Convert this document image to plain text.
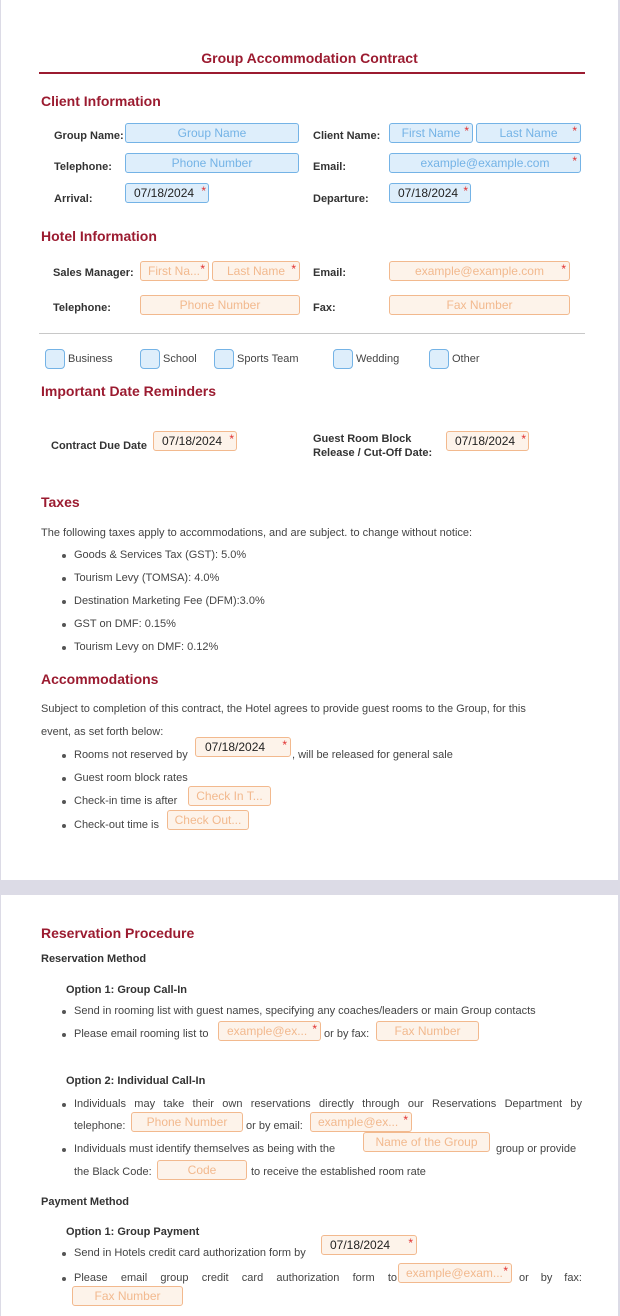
Group Accommodation Contract
Client Information
Group Name:	Group Name	Client Name:	First Name *	Last Name *
Telephone:	Phone Number	Email:	example@example.com *
Arrival:	07/18/2024 *
Departure:	07/18/2024 *
Hotel Information
Sales Manager:	First Na... *	Last Name * Email:	example@example.com *
Telephone:	Phone Number	Fax:	Fax Number
Business	School	Sports Team	Wedding	Other
Important Date Reminders
Contract Due Date	07/18/2024 *	Guest Room Block
Release / Cut-Off Date:
07/18/2024 *
Taxes
The following taxes apply to accommodations, and are subject. to change without notice:
Goods & Services Tax (GST): 5.0%
Tourism Levy (TOMSA): 4.0%
Destination Marketing Fee (DFM):3.0%
GST on DMF: 0.15%
Tourism Levy on DMF: 0.12%
Accommodations
Subject to completion of this contract, the Hotel agrees to provide guest rooms to the Group, for this
event, as set forth below:
Rooms not reserved by
07/18/2024 *
, will be released for general sale
Guest room block rates
Check-in time is after	Check In T...
Check-out time is	Check Out...
Reservation Procedure
Reservation Method
Option 1: Group Call-In
Send in rooming list with guest names, specifying any coaches/leaders or main Group contacts
Please email rooming list to	example@ex... * or by fax:	Fax Number
Option 2: Individual Call-In
Individuals may take their own reservations directly through our Reservations Department by
telephone:	Phone Number	or by email:	example@ex... *
Individuals must identify themselves as being with the	Name of the Group	group or provide
the Black Code:	Code	to receive the established room rate
Payment Method
Option 1: Group Payment
Send in Hotels credit card authorization form by
07/18/2024 *
Please email group credit card authorization form to example@exam... * or by fax:
Fax Number
